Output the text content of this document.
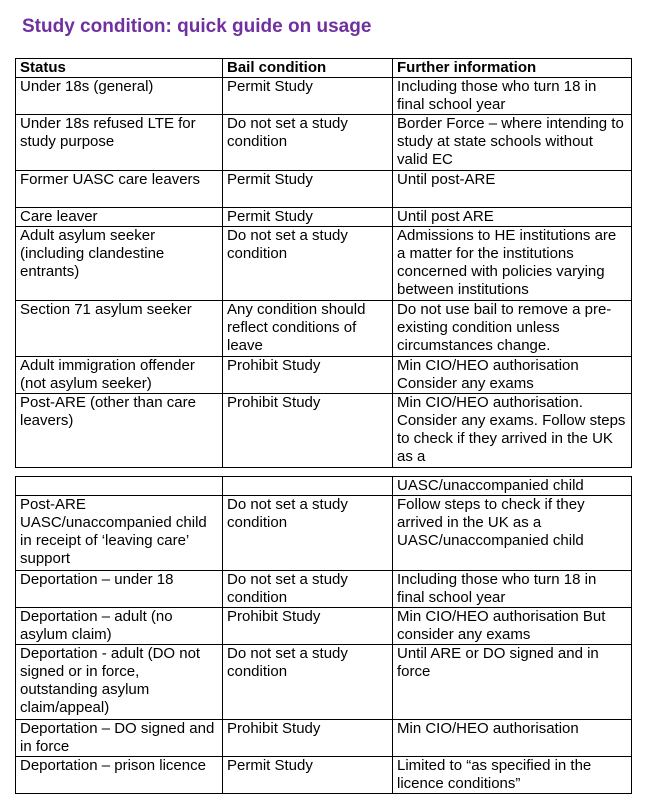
Study condition: quick guide on usage
Status	Bail condition	Further information
Under 18s (general)	Permit Study	Including those who turn 18 in final school year
Under 18s refused LTE for study purpose	Do not set a study condition	Border Force – where intending to study at state schools without valid EC
Former UASC care leavers	Permit Study	Until post-ARE
Care leaver	Permit Study	Until post ARE
Adult asylum seeker (including clandestine entrants)	Do not set a study condition	Admissions to HE institutions are a matter for the institutions concerned with policies varying between institutions
Section 71 asylum seeker	Any condition should reflect conditions of leave	Do not use bail to remove a pre-existing condition unless circumstances change.
Adult immigration offender (not asylum seeker)	Prohibit Study	Min CIO/HEO authorisation Consider any exams
Post-ARE (other than care leavers)	Prohibit Study	Min CIO/HEO authorisation. Consider any exams. Follow steps to check if they arrived in the UK as a
		UASC/unaccompanied child
Post-ARE UASC/unaccompanied child in receipt of ‘leaving care’ support	Do not set a study condition	Follow steps to check if they arrived in the UK as a UASC/unaccompanied child
Deportation – under 18	Do not set a study condition	Including those who turn 18 in final school year
Deportation – adult (no asylum claim)	Prohibit Study	Min CIO/HEO authorisation But consider any exams
Deportation - adult (DO not signed or in force, outstanding asylum claim/appeal)	Do not set a study condition	Until ARE or DO signed and in force
Deportation – DO signed and in force	Prohibit Study	Min CIO/HEO authorisation
Deportation – prison licence	Permit Study	Limited to “as specified in the licence conditions”
